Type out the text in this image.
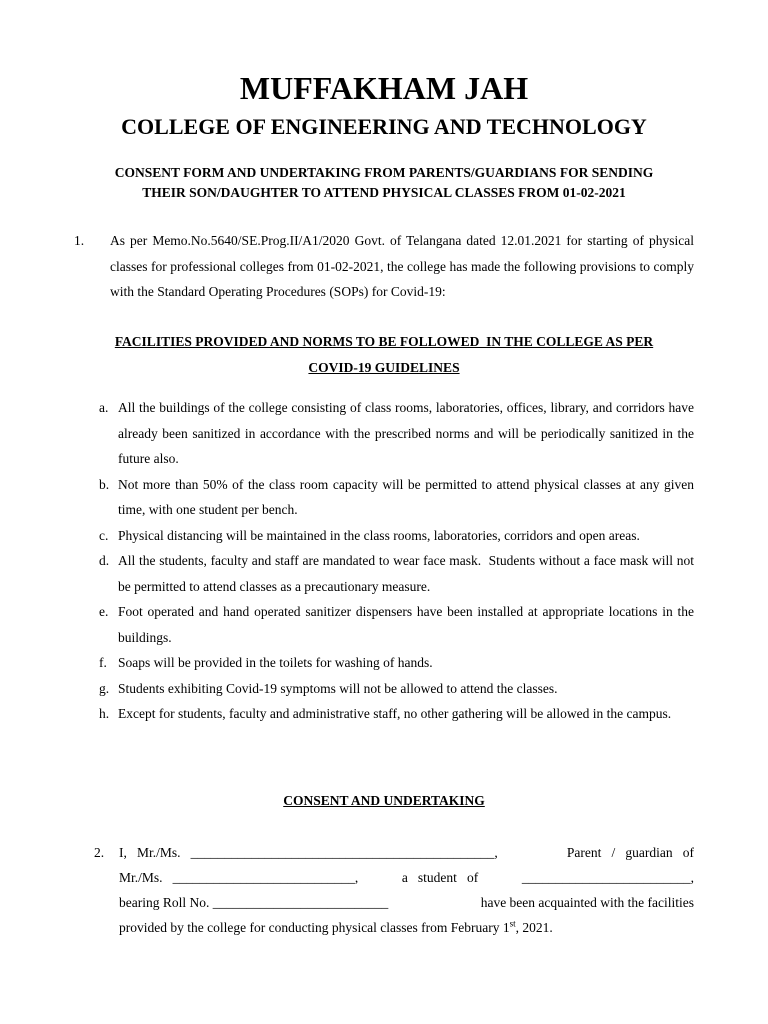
MUFFAKHAM JAH
COLLEGE OF ENGINEERING AND TECHNOLOGY
CONSENT FORM AND UNDERTAKING FROM PARENTS/GUARDIANS FOR SENDING
THEIR SON/DAUGHTER TO ATTEND PHYSICAL CLASSES FROM 01-02-2021
1. As per Memo.No.5640/SE.Prog.II/A1/2020 Govt. of Telangana dated 12.01.2021 for starting of physical classes for professional colleges from 01-02-2021, the college has made the following provisions to comply with the Standard Operating Procedures (SOPs) for Covid-19:
FACILITIES PROVIDED AND NORMS TO BE FOLLOWED  IN THE COLLEGE AS PER
COVID-19 GUIDELINES
a. All the buildings of the college consisting of class rooms, laboratories, offices, library, and corridors have already been sanitized in accordance with the prescribed norms and will be periodically sanitized in the future also.
b. Not more than 50% of the class room capacity will be permitted to attend physical classes at any given time, with one student per bench.
c. Physical distancing will be maintained in the class rooms, laboratories, corridors and open areas.
d. All the students, faculty and staff are mandated to wear face mask.  Students without a face mask will not be permitted to attend classes as a precautionary measure.
e. Foot operated and hand operated sanitizer dispensers have been installed at appropriate locations in the buildings.
f. Soaps will be provided in the toilets for washing of hands.
g. Students exhibiting Covid-19 symptoms will not be allowed to attend the classes.
h. Except for students, faculty and administrative staff, no other gathering will be allowed in the campus.
CONSENT AND UNDERTAKING
2. I,   Mr./Ms.   _____________________________________________,	Parent   /   guardian   of
Mr./Ms.   ___________________________,	a   student   of	_________________________,
bearing Roll No. __________________________	have been acquainted with the facilities
provided by the college for conducting physical classes from February 1st, 2021.
